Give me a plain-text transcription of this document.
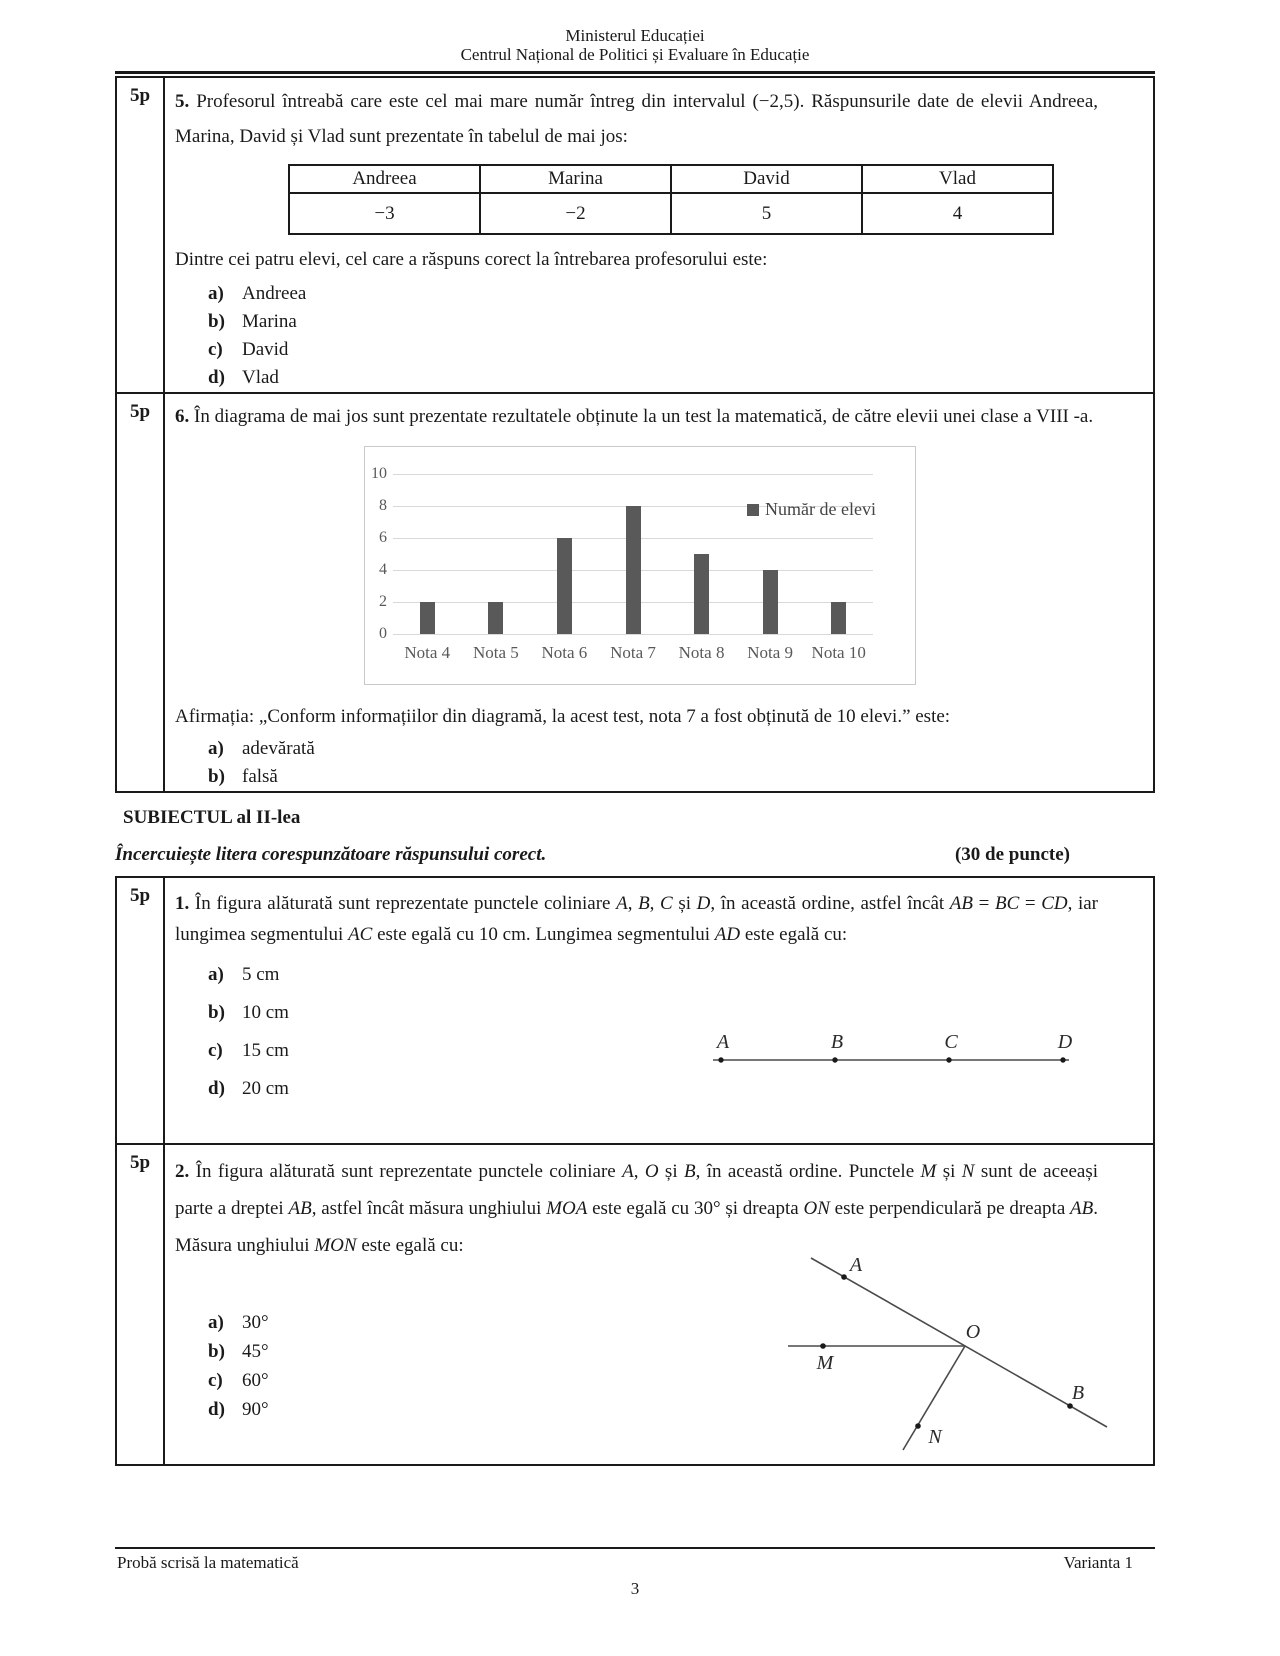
Ministerul Educației
Centrul Național de Politici și Evaluare în Educație
5p	5. Profesorul întreabă care este cel mai mare număr întreg din intervalul (−2,5). Răspunsurile date de elevii Andreea, Marina, David și Vlad sunt prezentate în tabelul de mai jos:

Andreea	Marina	David	Vlad
−3	−2	5	4

Dintre cei patru elevi, cel care a răspuns corect la întrebarea profesorului este:

a) Andreea
b) Marina
c)	David
d) Vlad
5p	6. În diagrama de mai jos sunt prezentate rezultatele obținute la un test la matematică, de către elevii unei clase a VIII -a.

0
2
4
6
8
10
Nota 4	Nota 5	Nota 6	Nota 7	Nota 8	Nota 9	Nota 10
Număr de elevi

Afirmația: „Conform informațiilor din diagramă, la acest test, nota 7 a fost obținută de 10 elevi.” este:

a) adevărată
b) falsă
SUBIECTUL al II-lea
Încercuiește litera corespunzătoare răspunsului corect.	(30 de puncte)
5p	1. În figura alăturată sunt reprezentate punctele coliniare A, B, C și D, în această ordine, astfel încât AB = BC = CD, iar lungimea segmentului AC este egală cu 10 cm. Lungimea segmentului AD este egală cu:

a) 5 cm
b) 10 cm
c)	15 cm
d) 20 cm
A	B	C	D
5p	2. În figura alăturată sunt reprezentate punctele coliniare A, O și B, în această ordine. Punctele M și N sunt de aceeași parte a dreptei AB, astfel încât măsura unghiului MOA este egală cu 30° și dreapta ON este perpendiculară pe dreapta AB. Măsura unghiului MON este egală cu:

a) 30°
b) 45°
c)	60°
d) 90°
A
O
M
B
N
Probă scrisă la matematică	Varianta 1
3
